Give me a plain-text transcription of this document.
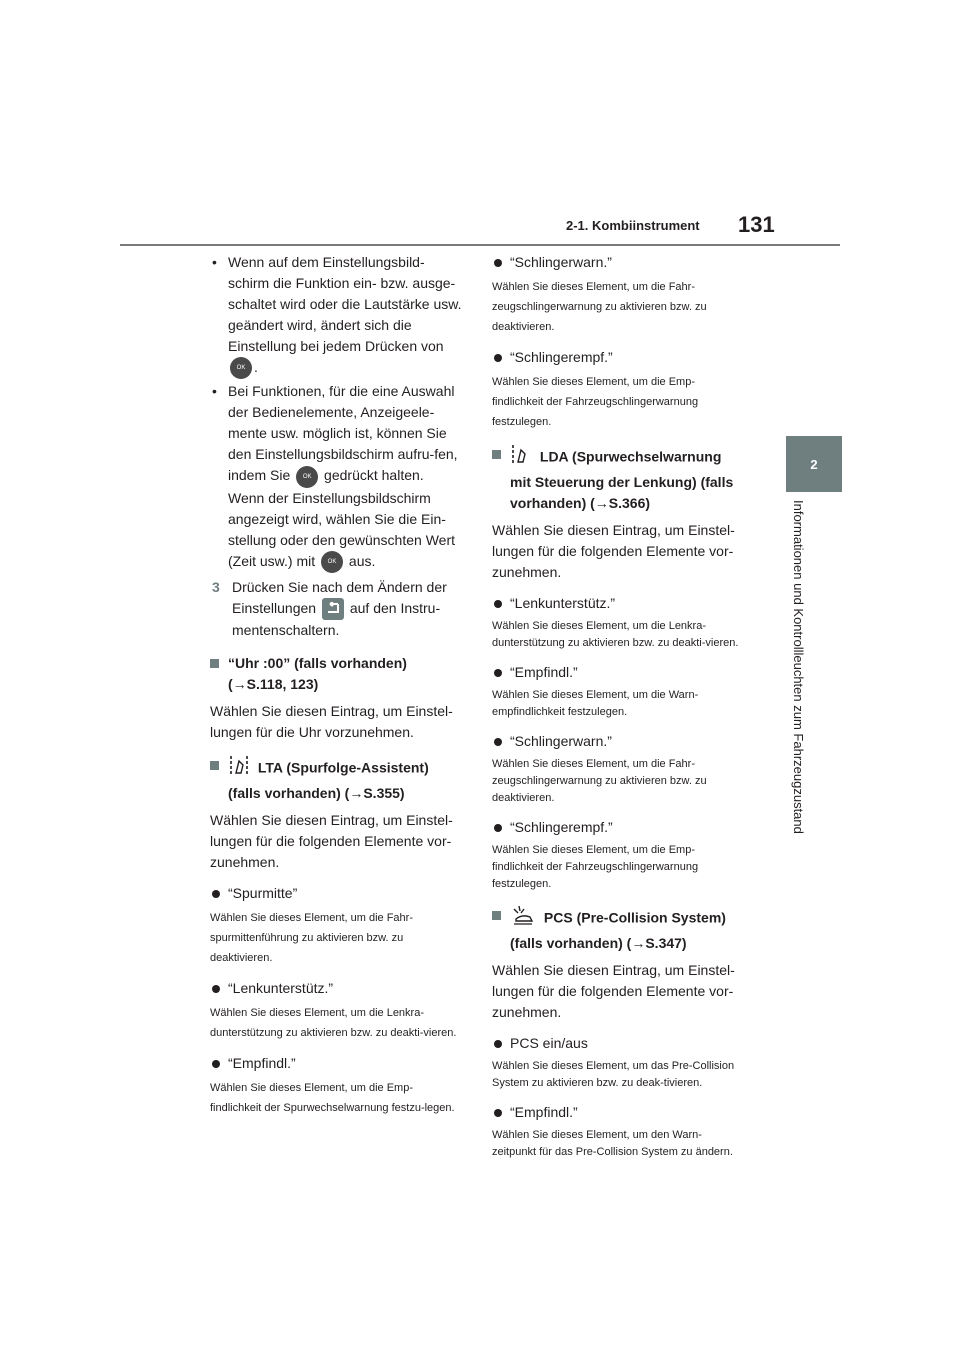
2-1. Kombiinstrument 131
2
Informationen und Kontrollleuchten zum Fahrzeugzustand
• Wenn auf dem Einstellungsbild-schirm die Funktion ein- bzw. ausge-schaltet wird oder die Lautstärke usw. geändert wird, ändert sich die Einstellung bei jedem Drücken von
OK .
• Bei Funktionen, für die eine Auswahl der Bedienelemente, Anzeigeele-mente usw. möglich ist, können Sie den Einstellungsbildschirm aufru-fen, indem Sie OK gedrückt halten. Wenn der Einstellungsbildschirm angezeigt wird, wählen Sie die Ein-stellung oder den gewünschten Wert (Zeit usw.) mit OK aus.
3 Drücken Sie nach dem Ändern der Einstellungen auf den Instru-mentenschaltern.
“Uhr :00” (falls vorhanden) (→S.118, 123)
Wählen Sie diesen Eintrag, um Einstel-lungen für die Uhr vorzunehmen.
LTA (Spurfolge-Assistent) (falls vorhanden) (→S.355)
Wählen Sie diesen Eintrag, um Einstel-lungen für die folgenden Elemente vor-zunehmen.
“Spurmitte”
Wählen Sie dieses Element, um die Fahr-spurmittenführung zu aktivieren bzw. zu deaktivieren.
“Lenkunterstütz.”
Wählen Sie dieses Element, um die Lenkra-dunterstützung zu aktivieren bzw. zu deakti-vieren.
“Empfindl.”
Wählen Sie dieses Element, um die Emp-findlichkeit der Spurwechselwarnung festzu-legen.
“Schlingerwarn.”
Wählen Sie dieses Element, um die Fahr-zeugschlingerwarnung zu aktivieren bzw. zu deaktivieren.
“Schlingerempf.”
Wählen Sie dieses Element, um die Emp-findlichkeit der Fahrzeugschlingerwarnung festzulegen.
LDA (Spurwechselwarnung mit Steuerung der Lenkung) (falls vorhanden) (→S.366)
Wählen Sie diesen Eintrag, um Einstel-lungen für die folgenden Elemente vor-zunehmen.
“Lenkunterstütz.”
Wählen Sie dieses Element, um die Lenkra-dunterstützung zu aktivieren bzw. zu deakti-vieren.
“Empfindl.”
Wählen Sie dieses Element, um die Warn-empfindlichkeit festzulegen.
“Schlingerwarn.”
Wählen Sie dieses Element, um die Fahr-zeugschlingerwarnung zu aktivieren bzw. zu deaktivieren.
“Schlingerempf.”
Wählen Sie dieses Element, um die Emp-findlichkeit der Fahrzeugschlingerwarnung festzulegen.
PCS (Pre-Collision System) (falls vorhanden) (→S.347)
Wählen Sie diesen Eintrag, um Einstel-lungen für die folgenden Elemente vor-zunehmen.
PCS ein/aus
Wählen Sie dieses Element, um das Pre-Collision System zu aktivieren bzw. zu deak-tivieren.
“Empfindl.”
Wählen Sie dieses Element, um den Warn-zeitpunkt für das Pre-Collision System zu ändern.
